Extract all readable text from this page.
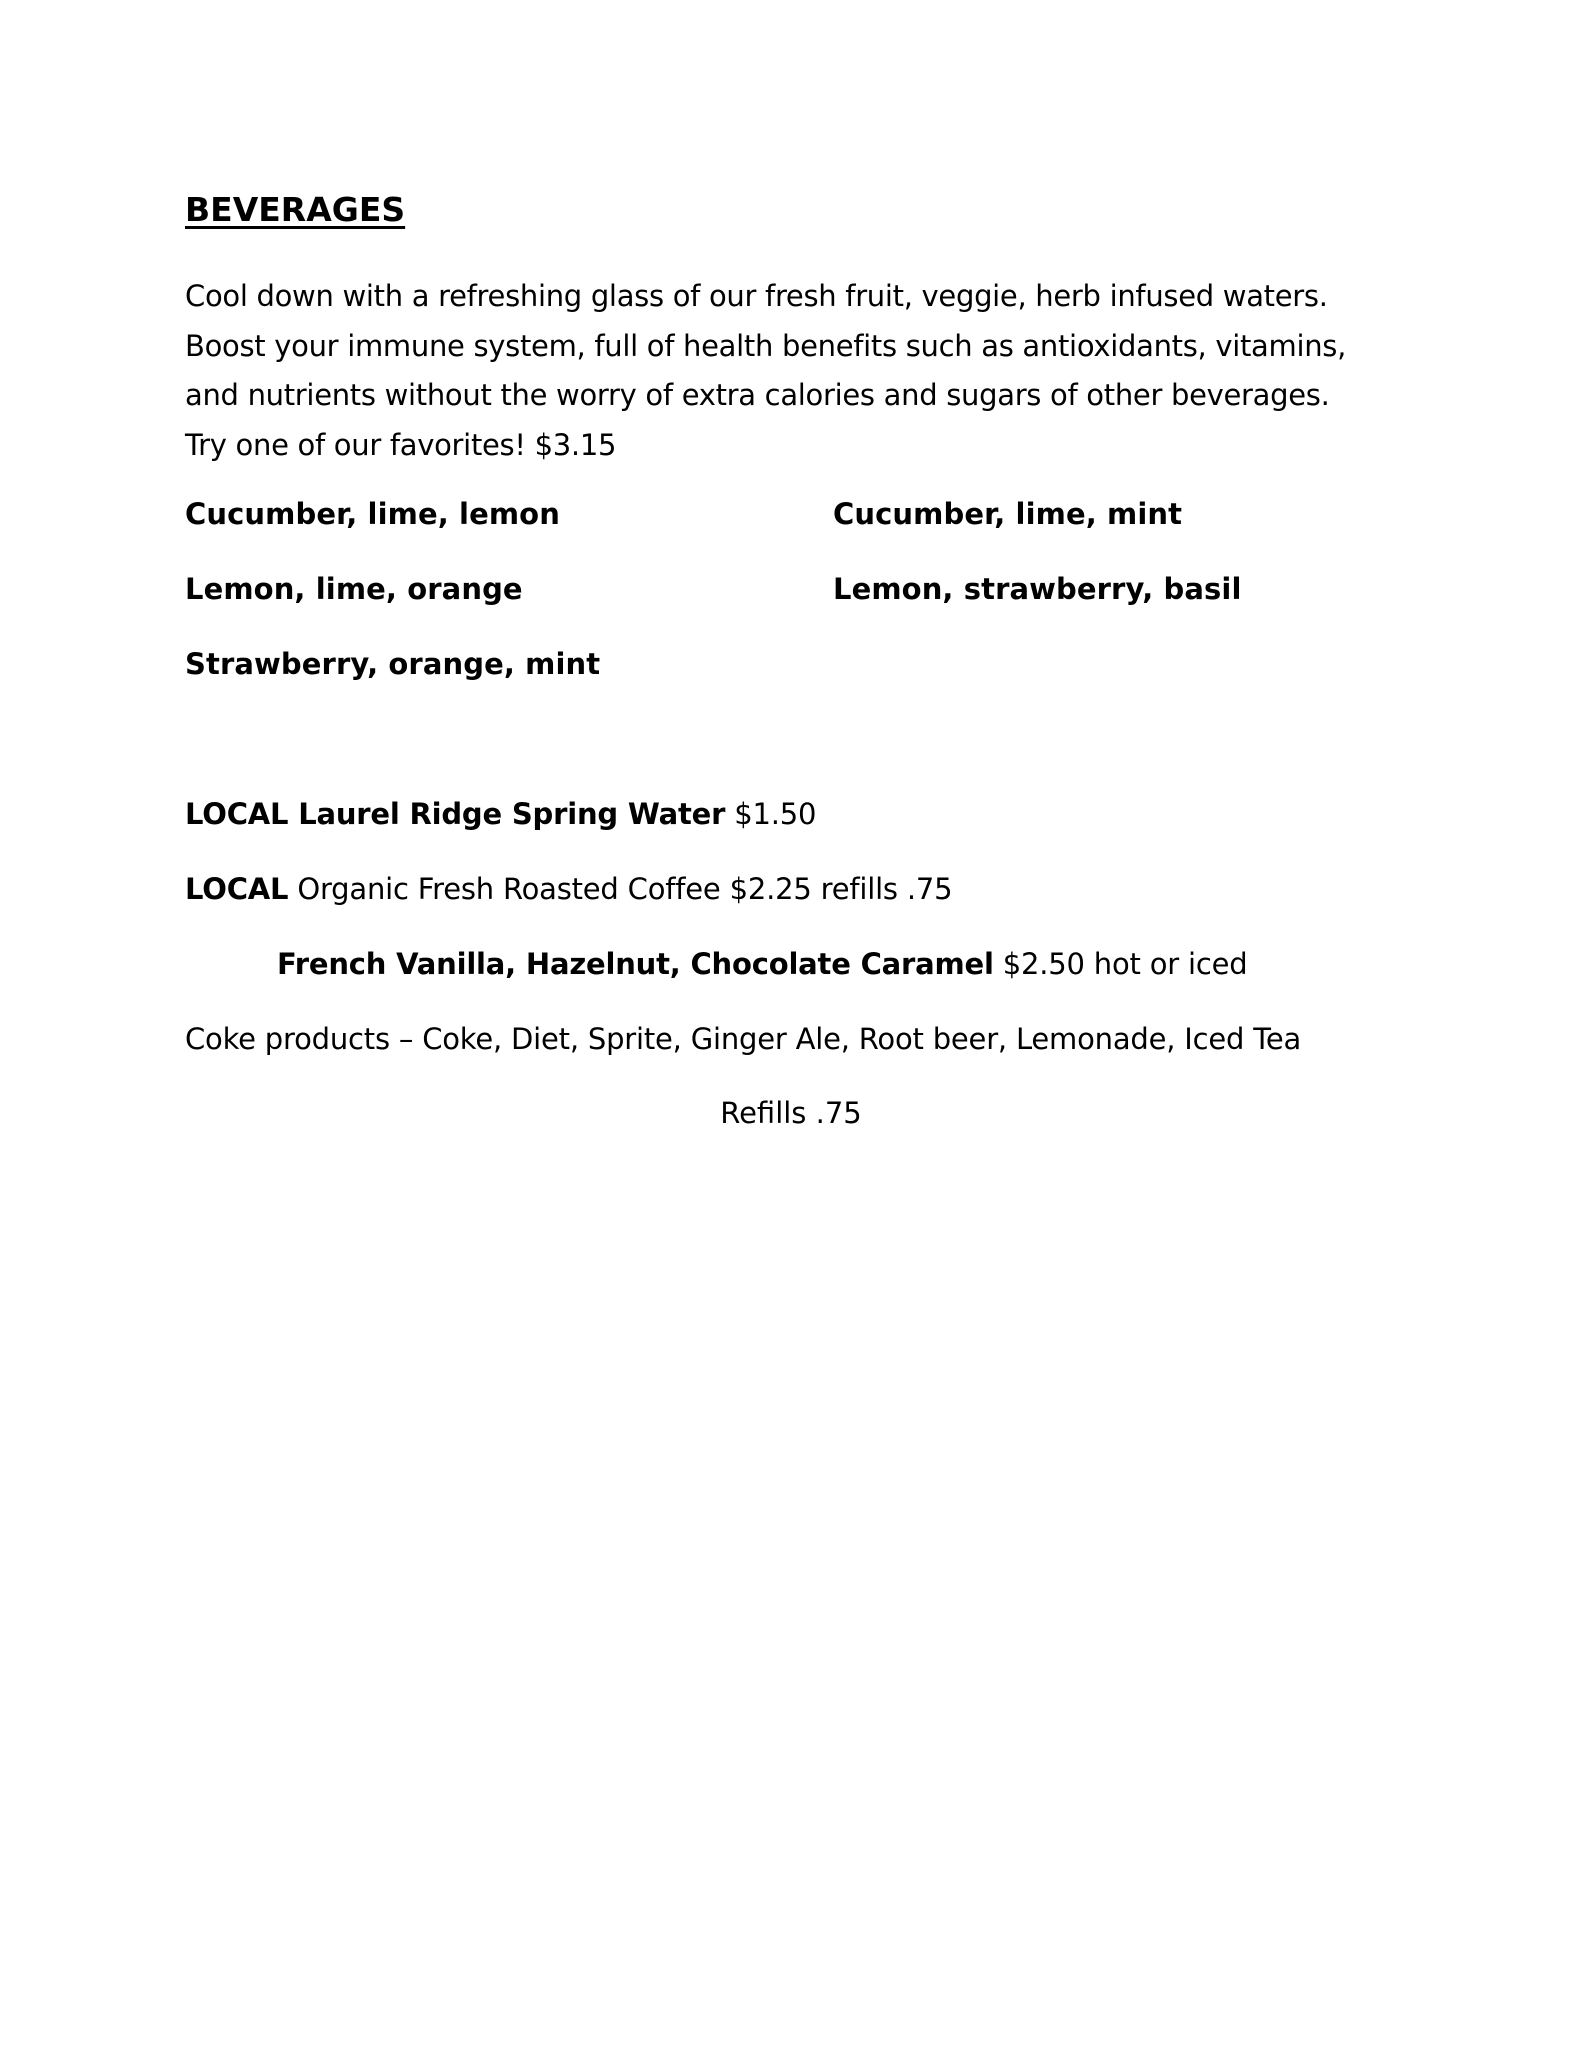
BEVERAGES

Cool down with a refreshing glass of our fresh fruit, veggie, herb infused waters.

Boost your immune system, full of health benefits such as antioxidants, vitamins,

and nutrients without the worry of extra calories and sugars of other beverages.

Try one of our favorites! $3.15

Cucumber, lime, lemon	Cucumber, lime, mint
Lemon, lime, orange	Lemon, strawberry, basil
Strawberry, orange, mint
LOCAL Laurel Ridge Spring Water $1.50
LOCAL Organic Fresh Roasted Coffee $2.25 refills .75
French Vanilla, Hazelnut, Chocolate Caramel $2.50 hot or iced
Coke products – Coke, Diet, Sprite, Ginger Ale, Root beer, Lemonade, Iced Tea
Refills .75
